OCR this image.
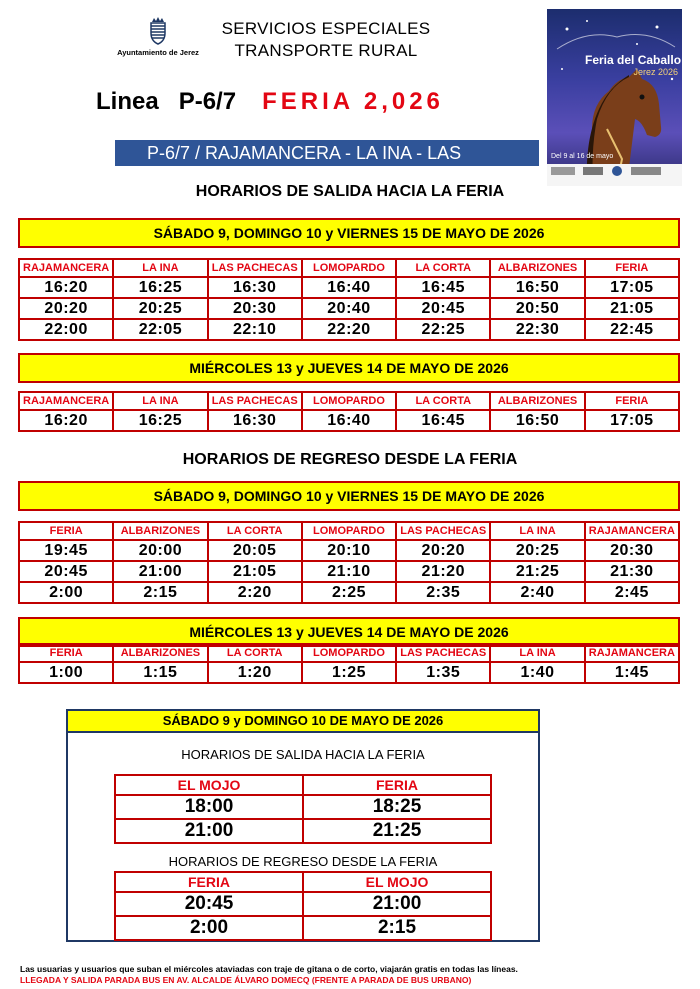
Ayuntamiento de Jerez
SERVICIOS ESPECIALES
TRANSPORTE RURAL
Linea P-6/7 FERIA 2,026
P-6/7 / RAJAMANCERA - LA INA - LAS
Feria del Caballo
Jerez 2026
Del 9 al 16 de mayo
HORARIOS DE SALIDA HACIA LA FERIA
SÁBADO 9, DOMINGO 10 y VIERNES 15 DE MAYO DE 2026
RAJAMANCERA	LA INA	LAS PACHECAS	LOMOPARDO	LA CORTA	ALBARIZONES	FERIA
16:20	16:25	16:30	16:40	16:45	16:50	17:05
20:20	20:25	20:30	20:40	20:45	20:50	21:05
22:00	22:05	22:10	22:20	22:25	22:30	22:45
MIÉRCOLES 13 y JUEVES 14 DE MAYO DE 2026
RAJAMANCERA	LA INA	LAS PACHECAS	LOMOPARDO	LA CORTA	ALBARIZONES	FERIA
16:20	16:25	16:30	16:40	16:45	16:50	17:05
HORARIOS DE REGRESO DESDE LA FERIA
SÁBADO 9, DOMINGO 10 y VIERNES 15 DE MAYO DE 2026
FERIA	ALBARIZONES	LA CORTA	LOMOPARDO	LAS PACHECAS	LA INA	RAJAMANCERA
19:45	20:00	20:05	20:10	20:20	20:25	20:30
20:45	21:00	21:05	21:10	21:20	21:25	21:30
2:00	2:15	2:20	2:25	2:35	2:40	2:45
MIÉRCOLES 13 y JUEVES 14 DE MAYO DE 2026
FERIA	ALBARIZONES	LA CORTA	LOMOPARDO	LAS PACHECAS	LA INA	RAJAMANCERA
1:00	1:15	1:20	1:25	1:35	1:40	1:45
SÁBADO 9 y DOMINGO 10 DE MAYO DE 2026
HORARIOS DE SALIDA HACIA LA FERIA
EL MOJO	FERIA
18:00	18:25
21:00	21:25
HORARIOS DE REGRESO DESDE LA FERIA
FERIA	EL MOJO
20:45	21:00
2:00	2:15
Las usuarias y usuarios que suban el miércoles ataviadas con traje de gitana o de corto, viajarán gratis en todas las líneas.
LLEGADA Y SALIDA PARADA BUS EN AV. ALCALDE ÁLVARO DOMECQ (FRENTE A PARADA DE BUS URBANO)
